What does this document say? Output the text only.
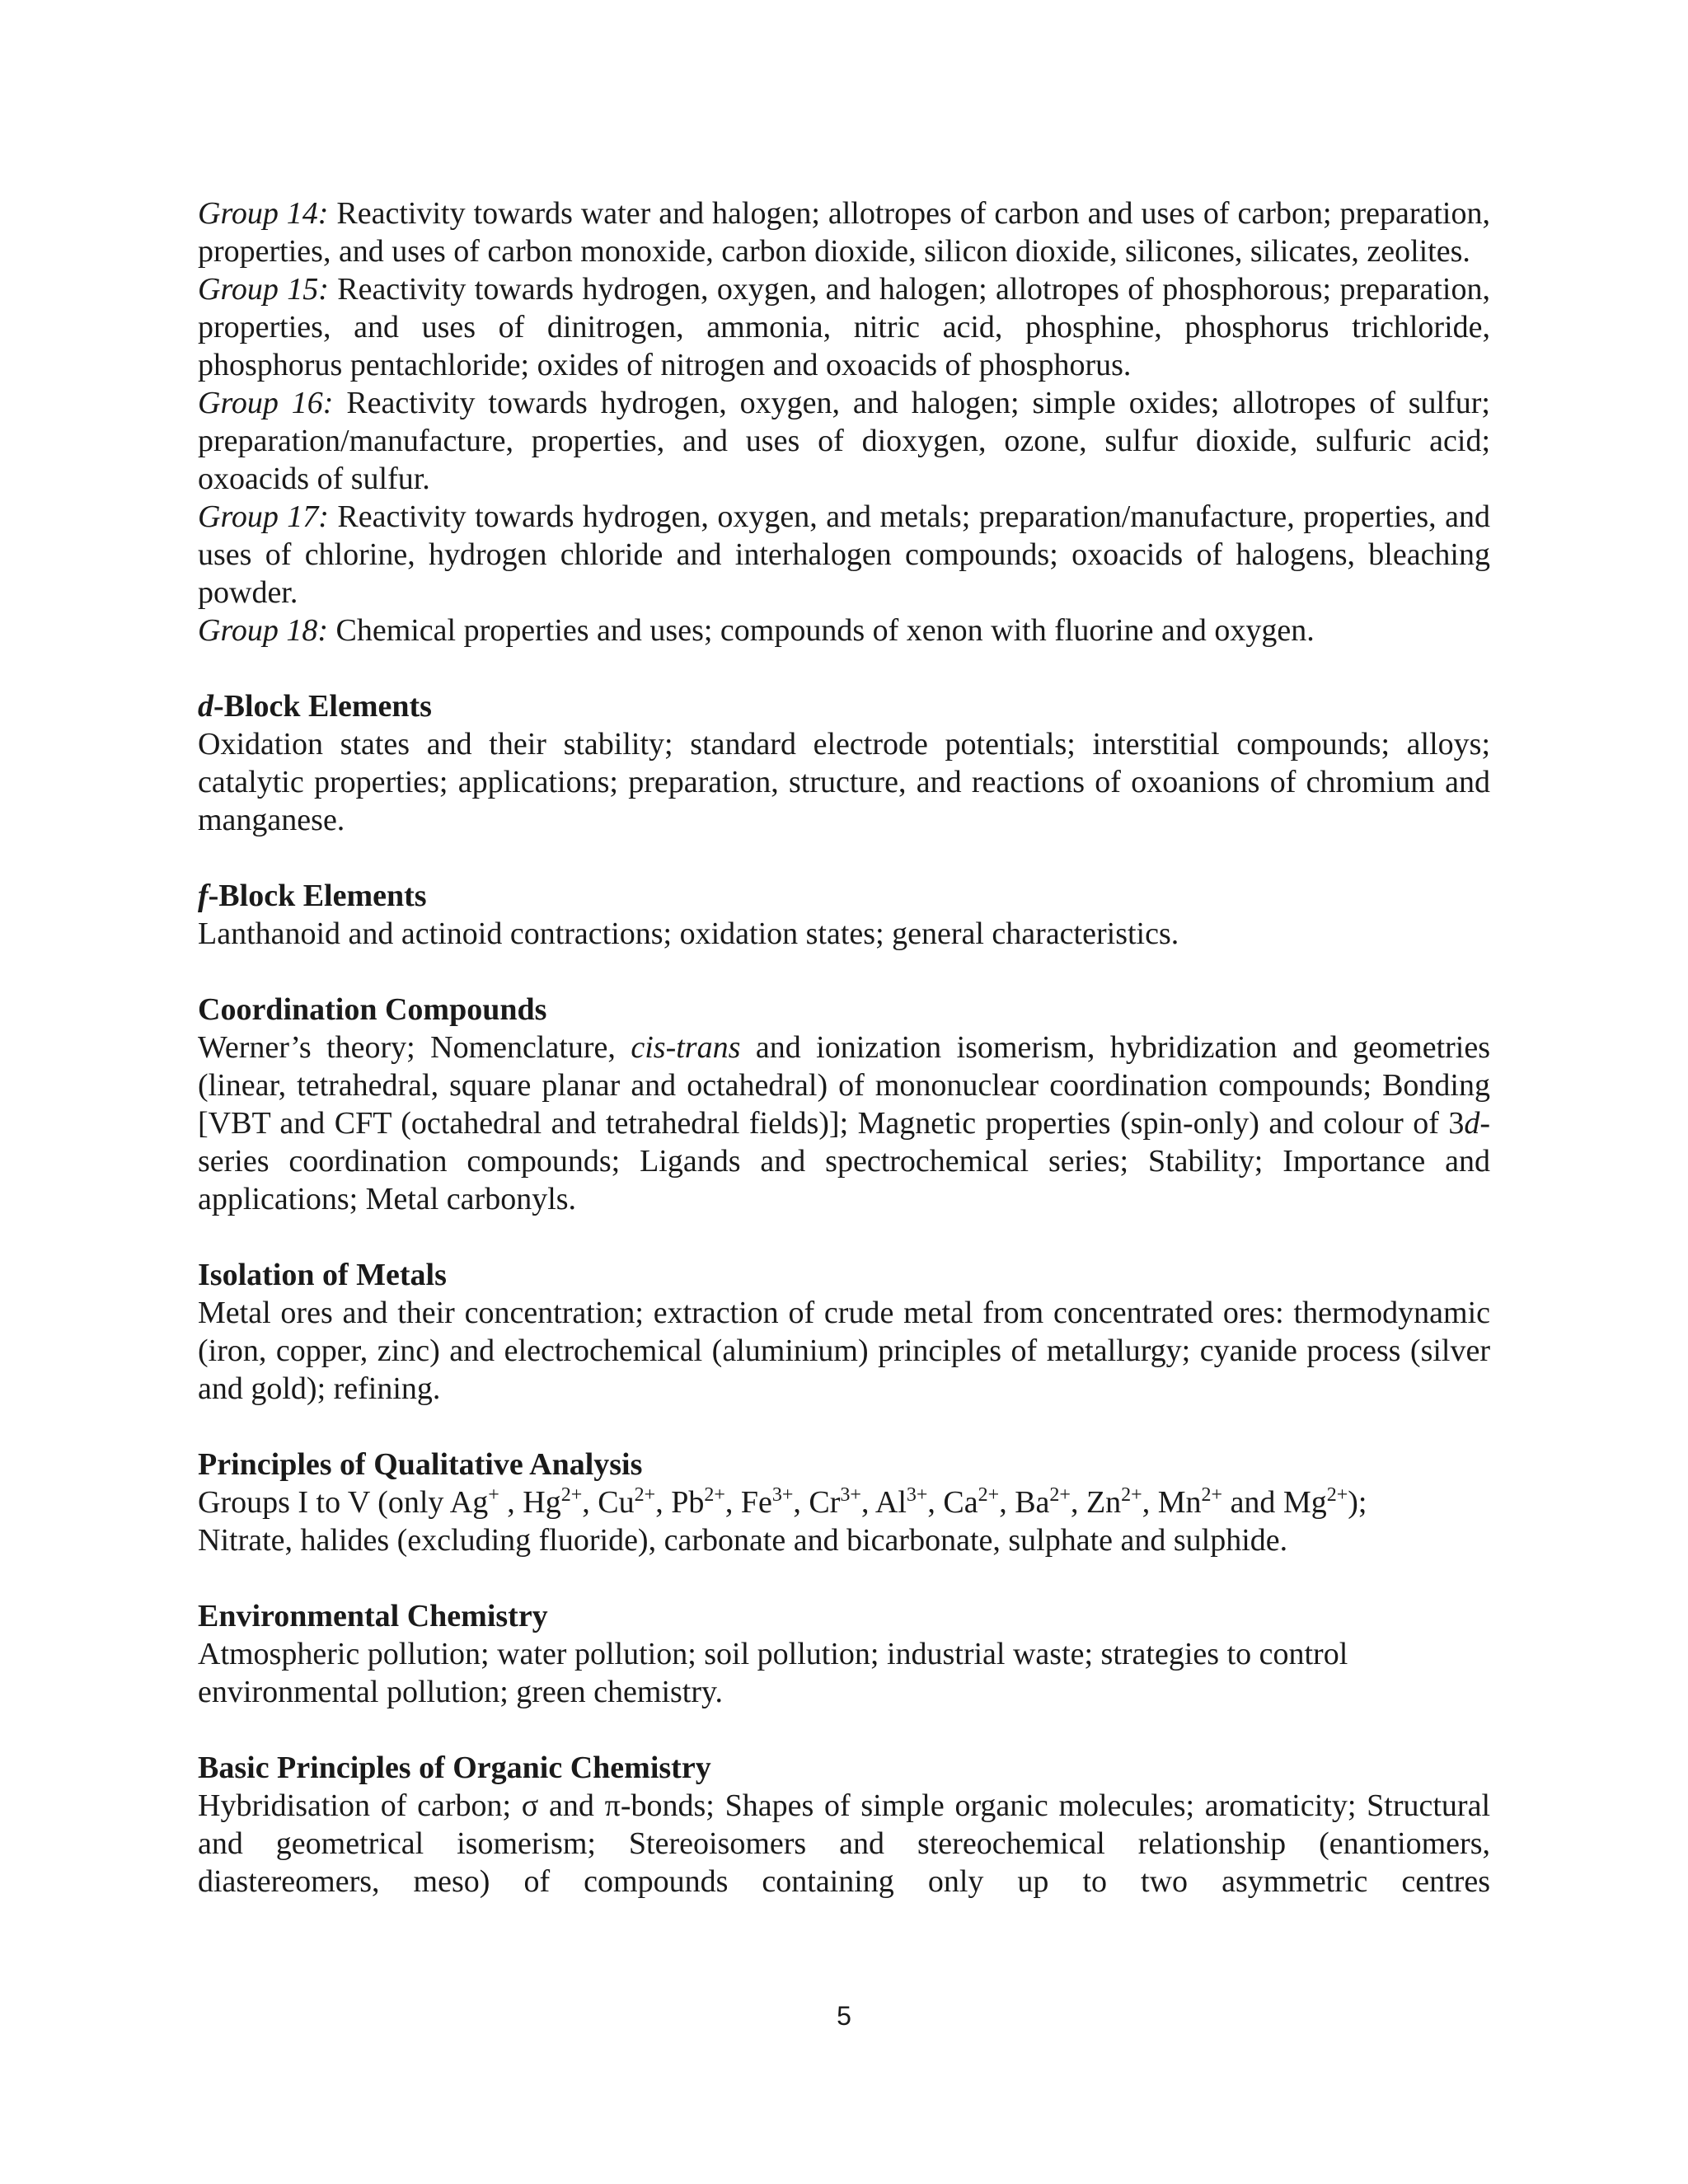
Group 14: Reactivity towards water and halogen; allotropes of carbon and uses of carbon; preparation, properties, and uses of carbon monoxide, carbon dioxide, silicon dioxide, silicones, silicates, zeolites.

Group 15: Reactivity towards hydrogen, oxygen, and halogen; allotropes of phosphorous; preparation, properties, and uses of dinitrogen, ammonia, nitric acid, phosphine, phosphorus trichloride, phosphorus pentachloride; oxides of nitrogen and oxoacids of phosphorus.

Group 16: Reactivity towards hydrogen, oxygen, and halogen; simple oxides; allotropes of sulfur; preparation/manufacture, properties, and uses of dioxygen, ozone, sulfur dioxide, sulfuric acid; oxoacids of sulfur.

Group 17: Reactivity towards hydrogen, oxygen, and metals; preparation/manufacture, properties, and uses of chlorine, hydrogen chloride and interhalogen compounds; oxoacids of halogens, bleaching powder.

Group 18: Chemical properties and uses; compounds of xenon with fluorine and oxygen.

d-Block Elements

Oxidation states and their stability; standard electrode potentials; interstitial compounds; alloys; catalytic properties; applications; preparation, structure, and reactions of oxoanions of chromium and manganese.

f-Block Elements

Lanthanoid and actinoid contractions; oxidation states; general characteristics.

Coordination Compounds

Werner’s theory; Nomenclature, cis-trans and ionization isomerism, hybridization and geometries (linear, tetrahedral, square planar and octahedral) of mononuclear coordination compounds; Bonding [VBT and CFT (octahedral and tetrahedral fields)]; Magnetic properties (spin-only) and colour of 3d-series coordination compounds; Ligands and spectrochemical series; Stability; Importance and applications; Metal carbonyls.

Isolation of Metals

Metal ores and their concentration; extraction of crude metal from concentrated ores: thermodynamic (iron, copper, zinc) and electrochemical (aluminium) principles of metallurgy; cyanide process (silver and gold); refining.

Principles of Qualitative Analysis

Groups I to V (only Ag+ , $Hg^{2+}$, $Cu^{2+}$, $Pb^{2+}$, $Fe^{3+}$, $Cr^{3+}$, $Al^{3+}$, $Ca^{2+}$, $Ba^{2+}$, $Zn^{2+}$, $Mn^{2+}$ and $Mg^{2+}$);

Nitrate, halides (excluding fluoride), carbonate and bicarbonate, sulphate and sulphide.

Environmental Chemistry

Atmospheric pollution; water pollution; soil pollution; industrial waste; strategies to control

environmental pollution; green chemistry.

Basic Principles of Organic Chemistry

Hybridisation of carbon; σ and π-bonds; Shapes of simple organic molecules; aromaticity; Structural and geometrical isomerism; Stereoisomers and stereochemical relationship (enantiomers, diastereomers, meso) of compounds containing only up to two asymmetric centres

5
